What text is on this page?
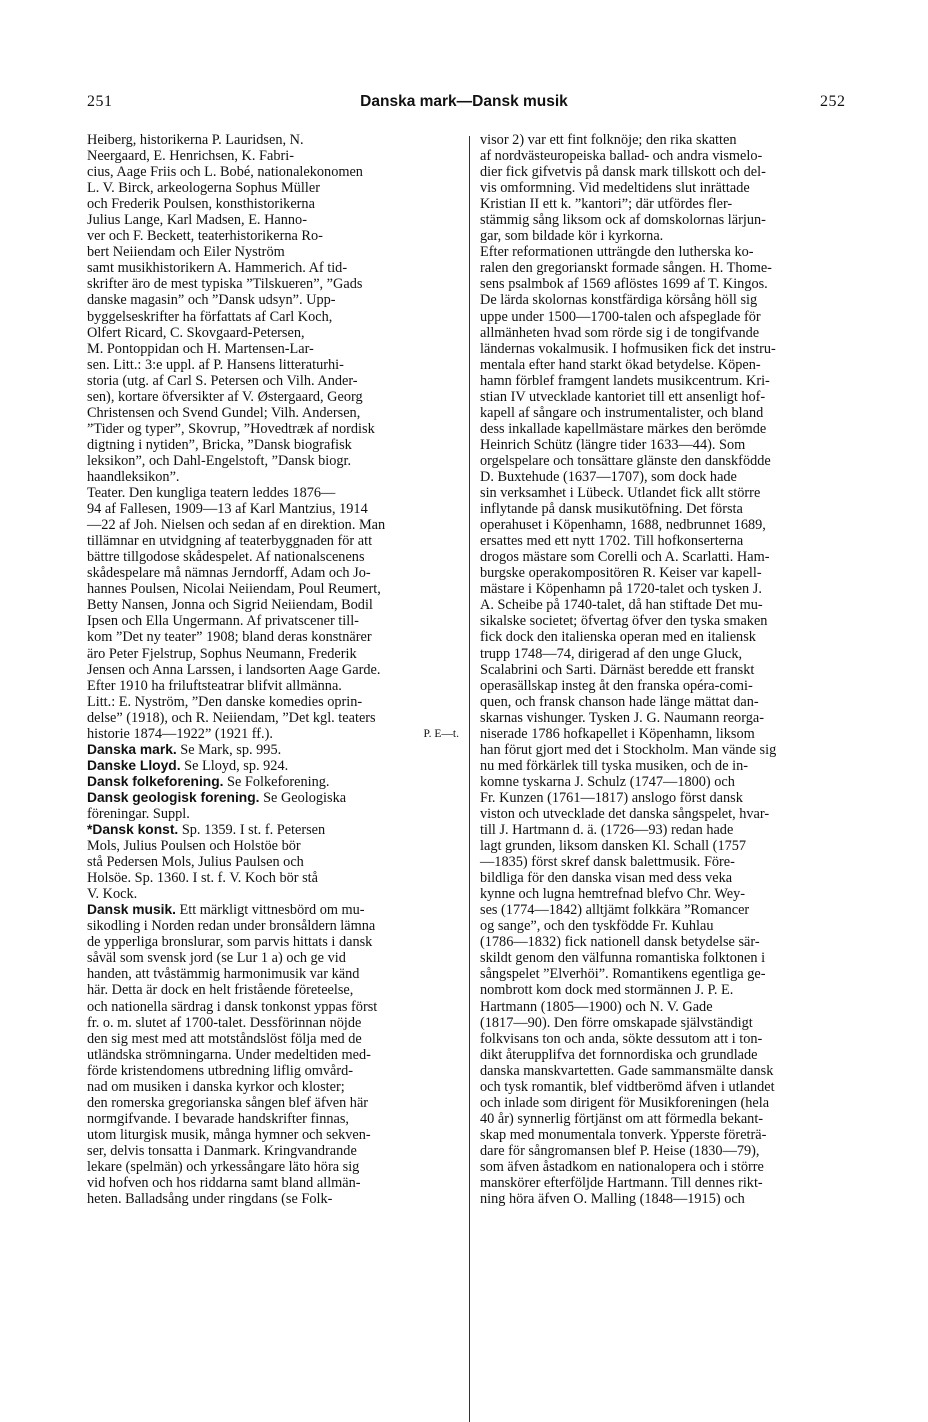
251	Danska mark—Dansk musik	252
Heiberg, historikerna P. Lauridsen, N.
Neergaard, E. Henrichsen, K. Fabri-
cius, Aage Friis och L. Bobé, nationalekonomen
L. V. Birck, arkeologerna Sophus Müller
och Frederik Poulsen, konsthistorikerna
Julius Lange, Karl Madsen, E. Hanno-
ver och F. Beckett, teaterhistorikerna Ro-
bert Neiiendam och Eiler Nyström
samt musikhistorikern A. Hammerich. Af tid-
skrifter äro de mest typiska ”Tilskueren”, ”Gads
danske magasin” och ”Dansk udsyn”. Upp-
byggelseskrifter ha författats af Carl Koch,
Olfert Ricard, C. Skovgaard-Petersen,
M. Pontoppidan och H. Martensen-Lar-
sen. Litt.: 3:e uppl. af P. Hansens litteraturhi-
storia (utg. af Carl S. Petersen och Vilh. Ander-
sen), kortare öfversikter af V. Østergaard, Georg
Christensen och Svend Gundel; Vilh. Andersen,
”Tider og typer”, Skovrup, ”Hovedtræk af nordisk
digtning i nytiden”, Bricka, ”Dansk biografisk
leksikon”, och Dahl-Engelstoft, ”Dansk biogr.
haandleksikon”.
Teater. Den kungliga teatern leddes 1876—
94 af Fallesen, 1909—13 af Karl Mantzius, 1914
—22 af Joh. Nielsen och sedan af en direktion. Man
tillämnar en utvidgning af teaterbyggnaden för att
bättre tillgodose skådespelet. Af nationalscenens
skådespelare må nämnas Jerndorff, Adam och Jo-
hannes Poulsen, Nicolai Neiiendam, Poul Reumert,
Betty Nansen, Jonna och Sigrid Neiiendam, Bodil
Ipsen och Ella Ungermann. Af privatscener till-
kom ”Det ny teater” 1908; bland deras konstnärer
äro Peter Fjelstrup, Sophus Neumann, Frederik
Jensen och Anna Larssen, i landsorten Aage Garde.
Efter 1910 ha friluftsteatrar blifvit allmänna.
Litt.: E. Nyström, ”Den danske komedies oprin-
delse” (1918), och R. Neiiendam, ”Det kgl. teaters
P. E—t.
historie 1874—1922” (1921 ff.).
Danska mark. Se Mark, sp. 995.
Danske Lloyd. Se Lloyd, sp. 924.
Dansk folkeforening. Se Folkeforening.
Dansk geologisk forening. Se Geologiska
föreningar. Suppl.
*Dansk konst. Sp. 1359. I st. f. Petersen
Mols, Julius Poulsen och Holstöe bör
stå Pedersen Mols, Julius Paulsen och
Holsöe. Sp. 1360. I st. f. V. Koch bör stå
V. Kock.
Dansk musik. Ett märkligt vittnesbörd om mu-
sikodling i Norden redan under bronsåldern lämna
de ypperliga bronslurar, som parvis hittats i dansk
såväl som svensk jord (se Lur 1 a) och ge vid
handen, att tvåstämmig harmonimusik var känd
här. Detta är dock en helt fristående företeelse,
och nationella särdrag i dansk tonkonst yppas först
fr. o. m. slutet af 1700-talet. Dessförinnan nöjde
den sig mest med att motståndslöst följa med de
utländska strömningarna. Under medeltiden med-
förde kristendomens utbredning liflig omvård-
nad om musiken i danska kyrkor och kloster;
den romerska gregorianska sången blef äfven här
normgifvande. I bevarade handskrifter finnas,
utom liturgisk musik, många hymner och sekven-
ser, delvis tonsatta i Danmark. Kringvandrande
lekare (spelmän) och yrkessångare läto höra sig
vid hofven och hos riddarna samt bland allmän-
heten. Balladsång under ringdans (se Folk-
visor 2) var ett fint folknöje; den rika skatten
af nordvästeuropeiska ballad- och andra vismelo-
dier fick gifvetvis på dansk mark tillskott och del-
vis omformning. Vid medeltidens slut inrättade
Kristian II ett k. ”kantori”; där utfördes fler-
stämmig sång liksom ock af domskolornas lärjun-
gar, som bildade kör i kyrkorna.
Efter reformationen utträngde den lutherska ko-
ralen den gregorianskt formade sången. H. Thome-
sens psalmbok af 1569 aflöstes 1699 af T. Kingos.
De lärda skolornas konstfärdiga körsång höll sig
uppe under 1500—1700-talen och afspeglade för
allmänheten hvad som rörde sig i de tongifvande
ländernas vokalmusik. I hofmusiken fick det instru-
mentala efter hand starkt ökad betydelse. Köpen-
hamn förblef framgent landets musikcentrum. Kri-
stian IV utvecklade kantoriet till ett ansenligt hof-
kapell af sångare och instrumentalister, och bland
dess inkallade kapellmästare märkes den berömde
Heinrich Schütz (längre tider 1633—44). Som
orgelspelare och tonsättare glänste den danskfödde
D. Buxtehude (1637—1707), som dock hade
sin verksamhet i Lübeck. Utlandet fick allt större
inflytande på dansk musikutöfning. Det första
operahuset i Köpenhamn, 1688, nedbrunnet 1689,
ersattes med ett nytt 1702. Till hofkonserterna
drogos mästare som Corelli och A. Scarlatti. Ham-
burgske operakompositören R. Keiser var kapell-
mästare i Köpenhamn på 1720-talet och tysken J.
A. Scheibe på 1740-talet, då han stiftade Det mu-
sikalske societet; öfvertag öfver den tyska smaken
fick dock den italienska operan med en italiensk
trupp 1748—74, dirigerad af den unge Gluck,
Scalabrini och Sarti. Därnäst beredde ett franskt
operasällskap insteg åt den franska opéra-comi-
quen, och fransk chanson hade länge mättat dan-
skarnas vishunger. Tysken J. G. Naumann reorga-
niserade 1786 hofkapellet i Köpenhamn, liksom
han förut gjort med det i Stockholm. Man vände sig
nu med förkärlek till tyska musiken, och de in-
komne tyskarna J. Schulz (1747—1800) och
Fr. Kunzen (1761—1817) anslogo först dansk
viston och utvecklade det danska sångspelet, hvar-
till J. Hartmann d. ä. (1726—93) redan hade
lagt grunden, liksom dansken Kl. Schall (1757
—1835) först skref dansk balettmusik. Före-
bildliga för den danska visan med dess veka
kynne och lugna hemtrefnad blefvo Chr. Wey-
ses (1774—1842) alltjämt folkkära ”Romancer
og sange”, och den tyskfödde Fr. Kuhlau
(1786—1832) fick nationell dansk betydelse sär-
skildt genom den välfunna romantiska folktonen i
sångspelet ”Elverhöi”. Romantikens egentliga ge-
nombrott kom dock med stormännen J. P. E.
Hartmann (1805—1900) och N. V. Gade
(1817—90). Den förre omskapade självständigt
folkvisans ton och anda, sökte dessutom att i ton-
dikt återupplifva det fornnordiska och grundlade
danska manskvartetten. Gade sammansmälte dansk
och tysk romantik, blef vidtberömd äfven i utlandet
och inlade som dirigent för Musikforeningen (hela
40 år) synnerlig förtjänst om att förmedla bekant-
skap med monumentala tonverk. Ypperste företrä-
dare för sångromansen blef P. Heise (1830—79),
som äfven åstadkom en nationalopera och i större
manskörer efterföljde Hartmann. Till dennes rikt-
ning höra äfven O. Malling (1848—1915) och
